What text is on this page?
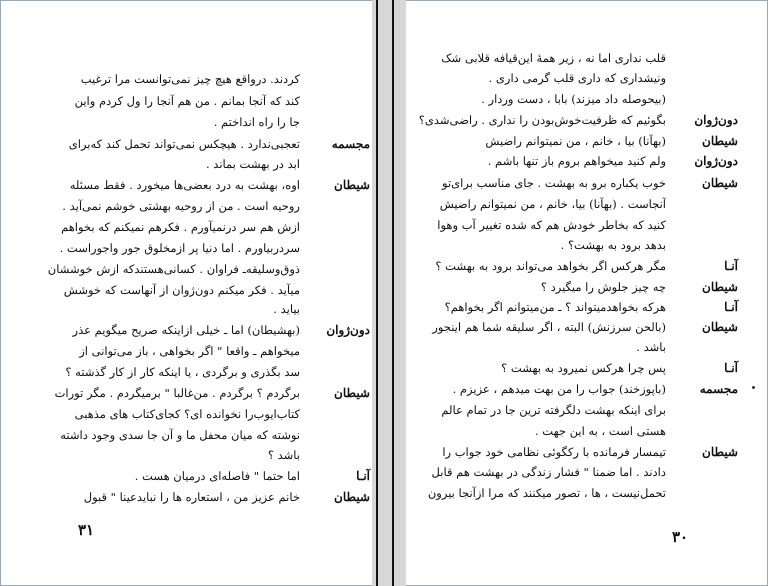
کردند. درواقع هیچ چیز نمی‌توانست مرا ترغیب
کند که آنجا بمانم . من هم آنجا را ول کردم واین
جا را راه انداختم .
مجسمه
تعجبی‌ندارد . هیچکس نمی‌تواند تحمل کند که‌برای
ابد در بهشت بماند .
شیطان
اوه، بهشت به درد بعضی‌ها میخورد . فقط مسئله
روحیه است . من از روحیه بهشتی خوشم نمی‌آید .
ازش هم سر درنمیآورم . فکرهم نمیکنم که بخواهم
سردربیاورم . اما دنیا پر ازمخلوق جور واجوراست .
ذوق‌وسلیقه‌ـ فراوان . کسانی‌هستندکه ازش خوششان
میآید . فکر میکنم دون‌ژوان از آنهاست که خوشش
بیاید .
دون‌ژوان
(بهشیطان) اما ـ خیلی ازاینکه صریح میگویم عذر
میخواهم ـ واقعا " اگر بخواهی ، باز می‌توانی از
سد بگذری و برگردی ، یا اینکه کار از کار گذشته ؟
شیطان
برگردم ؟ برگردم . من‌غالبا " برمیگردم . مگر تورات
کتاب‌ایوب‌را نخوانده ای؟ کجای‌کتاب های مذهبی
نوشته که میان محفل ما و آن جا سدی وجود داشته
باشد ؟
آنـا
اما حتما " فاصله‌ای درمیان هست .
شیطان
خانم عزیز من ، استعاره ها را نباید‌عینا " قبول
۳۱
قلب نداری اما نه ، زیر همه‌ٔ این‌قیافه قلابی شک
ونیشداری که داری قلب گرمی داری .
(بیحوصله داد میزند) بابا ، دست وردار .
دون‌ژوان
بگوئیم که ظرفیت‌خوش‌بودن را نداری . راضی‌شدی؟
شیطان
(بهآنا) بیا ، خانم ، من نمیتوانم راضیش
دون‌ژوان
ولم کنید میخواهم بروم باز تنها باشم .
شیطان
خوب یکباره برو به بهشت . جای مناسب برای‌تو
آنجاست . (بهآنا) بیا، خانم ، من نمیتوانم راضیش
کنید که بخاطر خودش هم که شده تغییر آب وهوا
بدهد برود به بهشت؟ .
آنـا
مگر هرکس اگر بخواهد می‌تواند برود به بهشت ؟
شیطان
چه چیز جلوش را میگیرد ؟
آنـا
هرکه بخواهدمیتواند ؟ ـ من‌میتوانم اگر بخواهم؟
شیطان
(بالحن سرزنش) البته ، اگر سلیقه شما هم اینجور
باشد .
آنـا
پس چرا هرکس نمیرود به بهشت ؟
مجسمه
(باپوزخند) جواب را من بهت میدهم ، عزیزم .
برای اینکه بهشت دلگرفته ترین جا در تمام عالم
هستی است ، به این جهت .
شیطان
تیمسار فرمانده با رکگوئی نظامی خود جواب را
دادند . اما ضمنا " فشار زندگی در بهشت هم قابل
تحمل‌نیست ، ها ، تصور میکنند که مرا ازآنجا بیرون
۳۰
